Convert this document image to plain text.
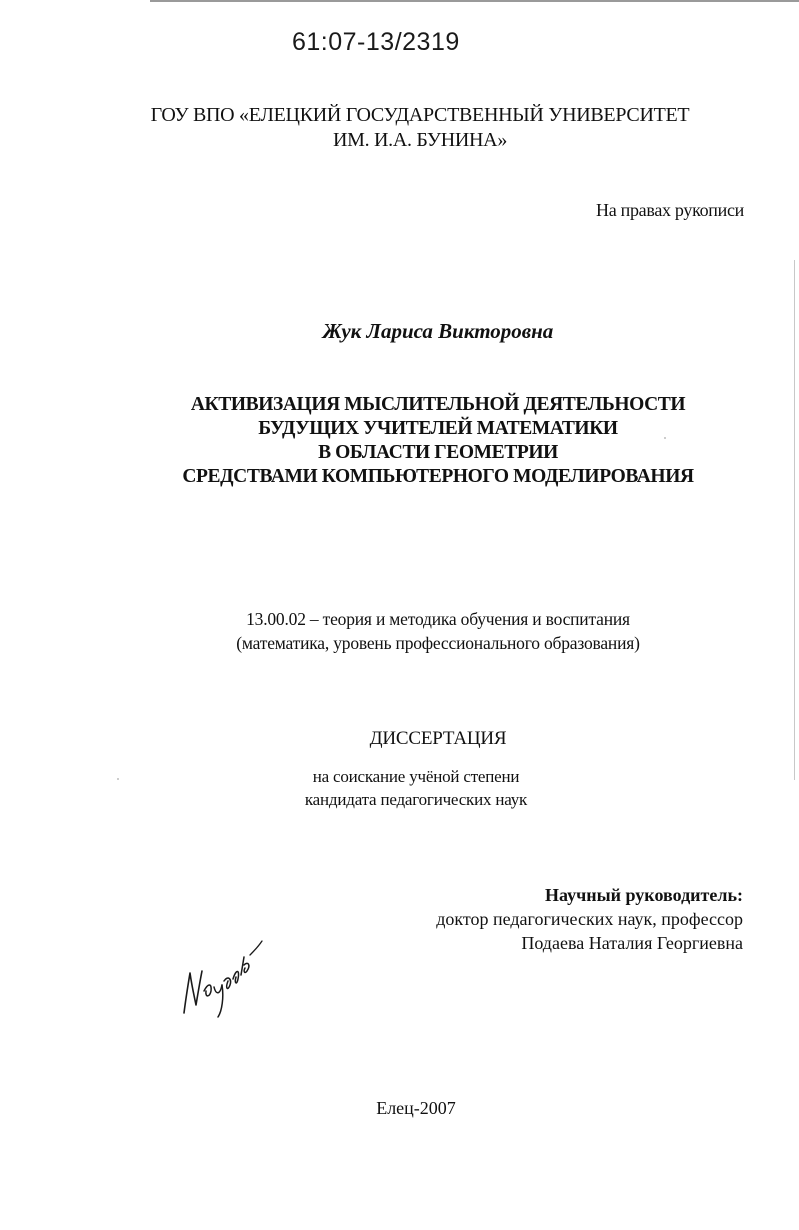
61:07-13/2319
ГОУ ВПО «ЕЛЕЦКИЙ ГОСУДАРСТВЕННЫЙ УНИВЕРСИТЕТ
ИМ. И.А. БУНИНА»
На правах рукописи
Жук Лариса Викторовна
АКТИВИЗАЦИЯ МЫСЛИТЕЛЬНОЙ ДЕЯТЕЛЬНОСТИ
БУДУЩИХ УЧИТЕЛЕЙ МАТЕМАТИКИ
В ОБЛАСТИ ГЕОМЕТРИИ
СРЕДСТВАМИ КОМПЬЮТЕРНОГО МОДЕЛИРОВАНИЯ
13.00.02 – теория и методика обучения и воспитания
(математика, уровень профессионального образования)
ДИССЕРТАЦИЯ
на соискание учёной степени
кандидата педагогических наук
Научный руководитель:
доктор педагогических наук, профессор
Подаева Наталия Георгиевна
Елец-2007
